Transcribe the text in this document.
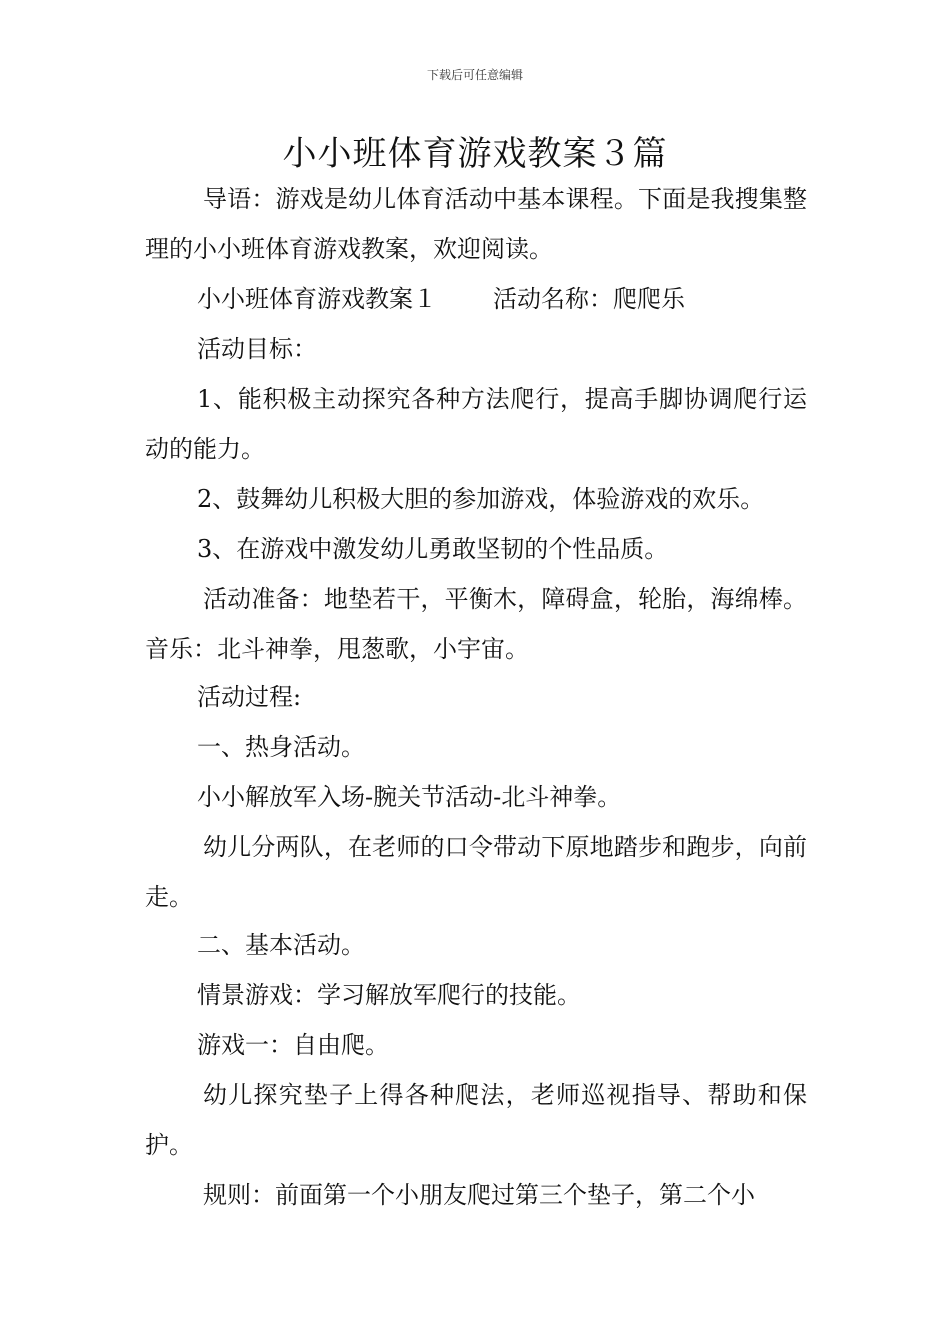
下载后可任意编辑
小小班体育游戏教案３篇

导语：游戏是幼儿体育活动中基本课程。下面是我搜集整理的小小班体育游戏教案，欢迎阅读。

小小班体育游戏教案１ 活动名称：爬爬乐

活动目标：

1、能积极主动探究各种方法爬行，提高手脚协调爬行运动的能力。

2、鼓舞幼儿积极大胆的参加游戏，体验游戏的欢乐。

3、在游戏中激发幼儿勇敢坚韧的个性品质。

活动准备：地垫若干，平衡木，障碍盒，轮胎，海绵棒。音乐：北斗神拳，甩葱歌，小宇宙。

活动过程:

一、热身活动。

小小解放军入场-腕关节活动-北斗神拳。

幼儿分两队，在老师的口令带动下原地踏步和跑步，向前走。

二、基本活动。

情景游戏：学习解放军爬行的技能。

游戏一：自由爬。

幼儿探究垫子上得各种爬法，老师巡视指导、帮助和保护。

规则：前面第一个小朋友爬过第三个垫子，第二个小
